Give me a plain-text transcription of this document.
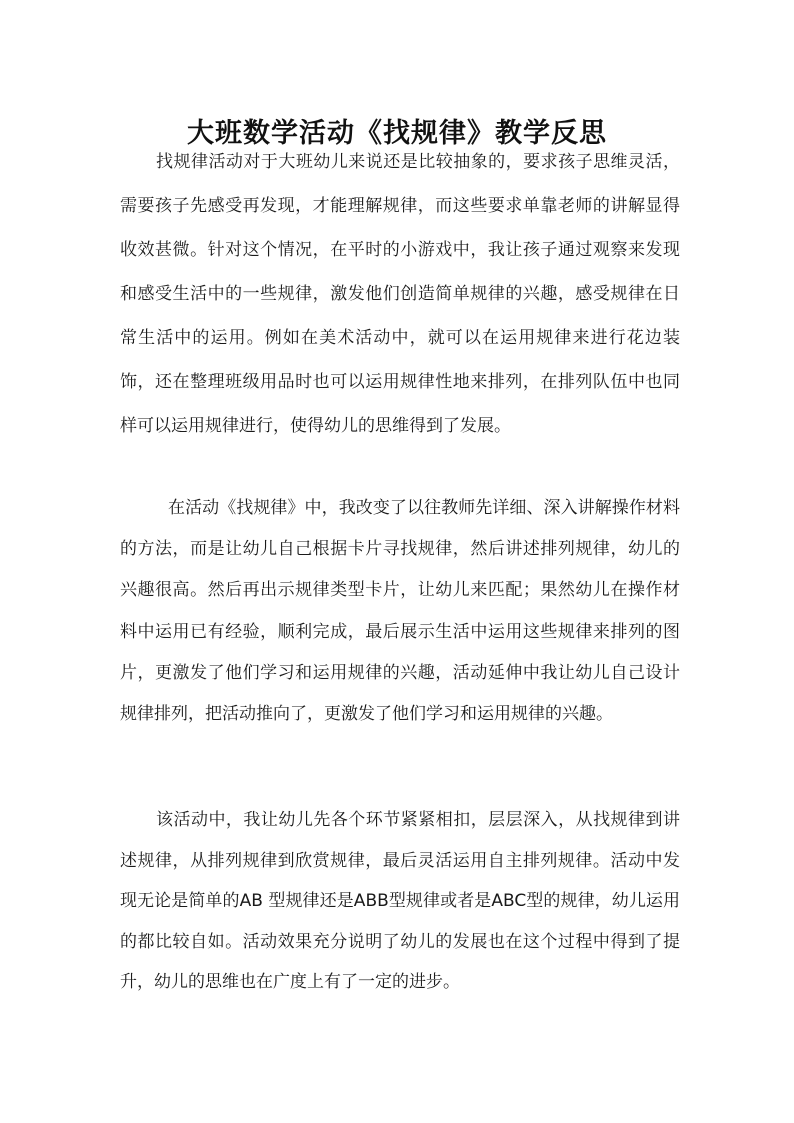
大班数学活动《找规律》教学反思

找规律活动对于大班幼儿来说还是比较抽象的，要求孩子思维灵活，需要孩子先感受再发现，才能理解规律，而这些要求单靠老师的讲解显得收效甚微。针对这个情况，在平时的小游戏中，我让孩子通过观察来发现和感受生活中的一些规律，激发他们创造简单规律的兴趣，感受规律在日常生活中的运用。例如在美术活动中，就可以在运用规律来进行花边装饰，还在整理班级用品时也可以运用规律性地来排列，在排列队伍中也同样可以运用规律进行，使得幼儿的思维得到了发展。

在活动《找规律》中，我改变了以往教师先详细、深入讲解操作材料的方法，而是让幼儿自己根据卡片寻找规律，然后讲述排列规律，幼儿的兴趣很高。然后再出示规律类型卡片，让幼儿来匹配；果然幼儿在操作材料中运用已有经验，顺利完成，最后展示生活中运用这些规律来排列的图片，更激发了他们学习和运用规律的兴趣，活动延伸中我让幼儿自己设计规律排列，把活动推向了，更激发了他们学习和运用规律的兴趣。

该活动中，我让幼儿先各个环节紧紧相扣，层层深入，从找规律到讲述规律，从排列规律到欣赏规律，最后灵活运用自主排列规律。活动中发现无论是简单的AB 型规律还是ABB型规律或者是ABC型的规律，幼儿运用的都比较自如。活动效果充分说明了幼儿的发展也在这个过程中得到了提升，幼儿的思维也在广度上有了一定的进步。
